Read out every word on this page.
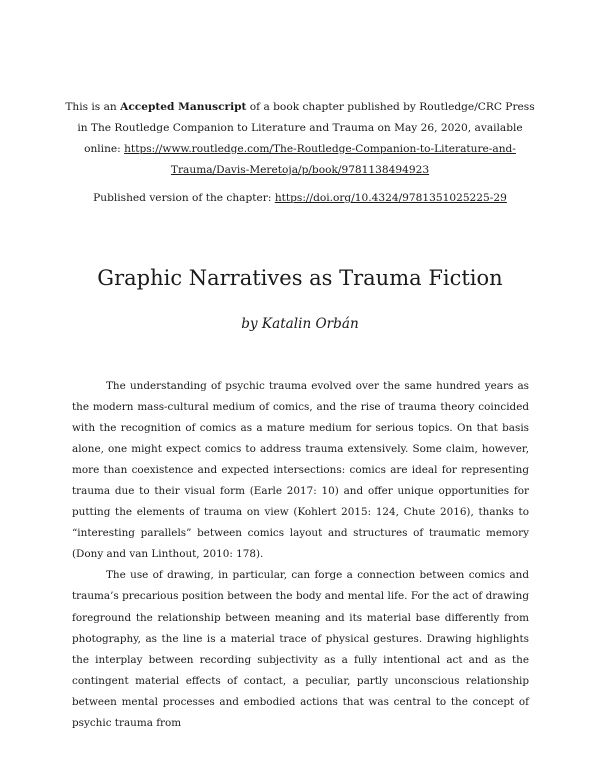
This is an Accepted Manuscript of a book chapter published by Routledge/CRC Press in The Routledge Companion to Literature and Trauma on May 26, 2020, available online: https://www.routledge.com/The-Routledge-Companion-to-Literature-and-Trauma/Davis-Meretoja/p/book/9781138494923

Published version of the chapter: https://doi.org/10.4324/9781351025225-29
Graphic Narratives as Trauma Fiction
by Katalin Orbán

The understanding of psychic trauma evolved over the same hundred years as the modern mass-cultural medium of comics, and the rise of trauma theory coincided with the recognition of comics as a mature medium for serious topics. On that basis alone, one might expect comics to address trauma extensively. Some claim, however, more than coexistence and expected intersections: comics are ideal for representing trauma due to their visual form (Earle 2017: 10) and offer unique opportunities for putting the elements of trauma on view (Kohlert 2015: 124, Chute 2016), thanks to “interesting parallels” between comics layout and structures of traumatic memory (Dony and van Linthout, 2010: 178).

The use of drawing, in particular, can forge a connection between comics and trauma’s precarious position between the body and mental life. For the act of drawing foreground the relationship between meaning and its material base differently from photography, as the line is a material trace of physical gestures. Drawing highlights the interplay between recording subjectivity as a fully intentional act and as the contingent material effects of contact, a peculiar, partly unconscious relationship between mental processes and embodied actions that was central to the concept of psychic trauma from
